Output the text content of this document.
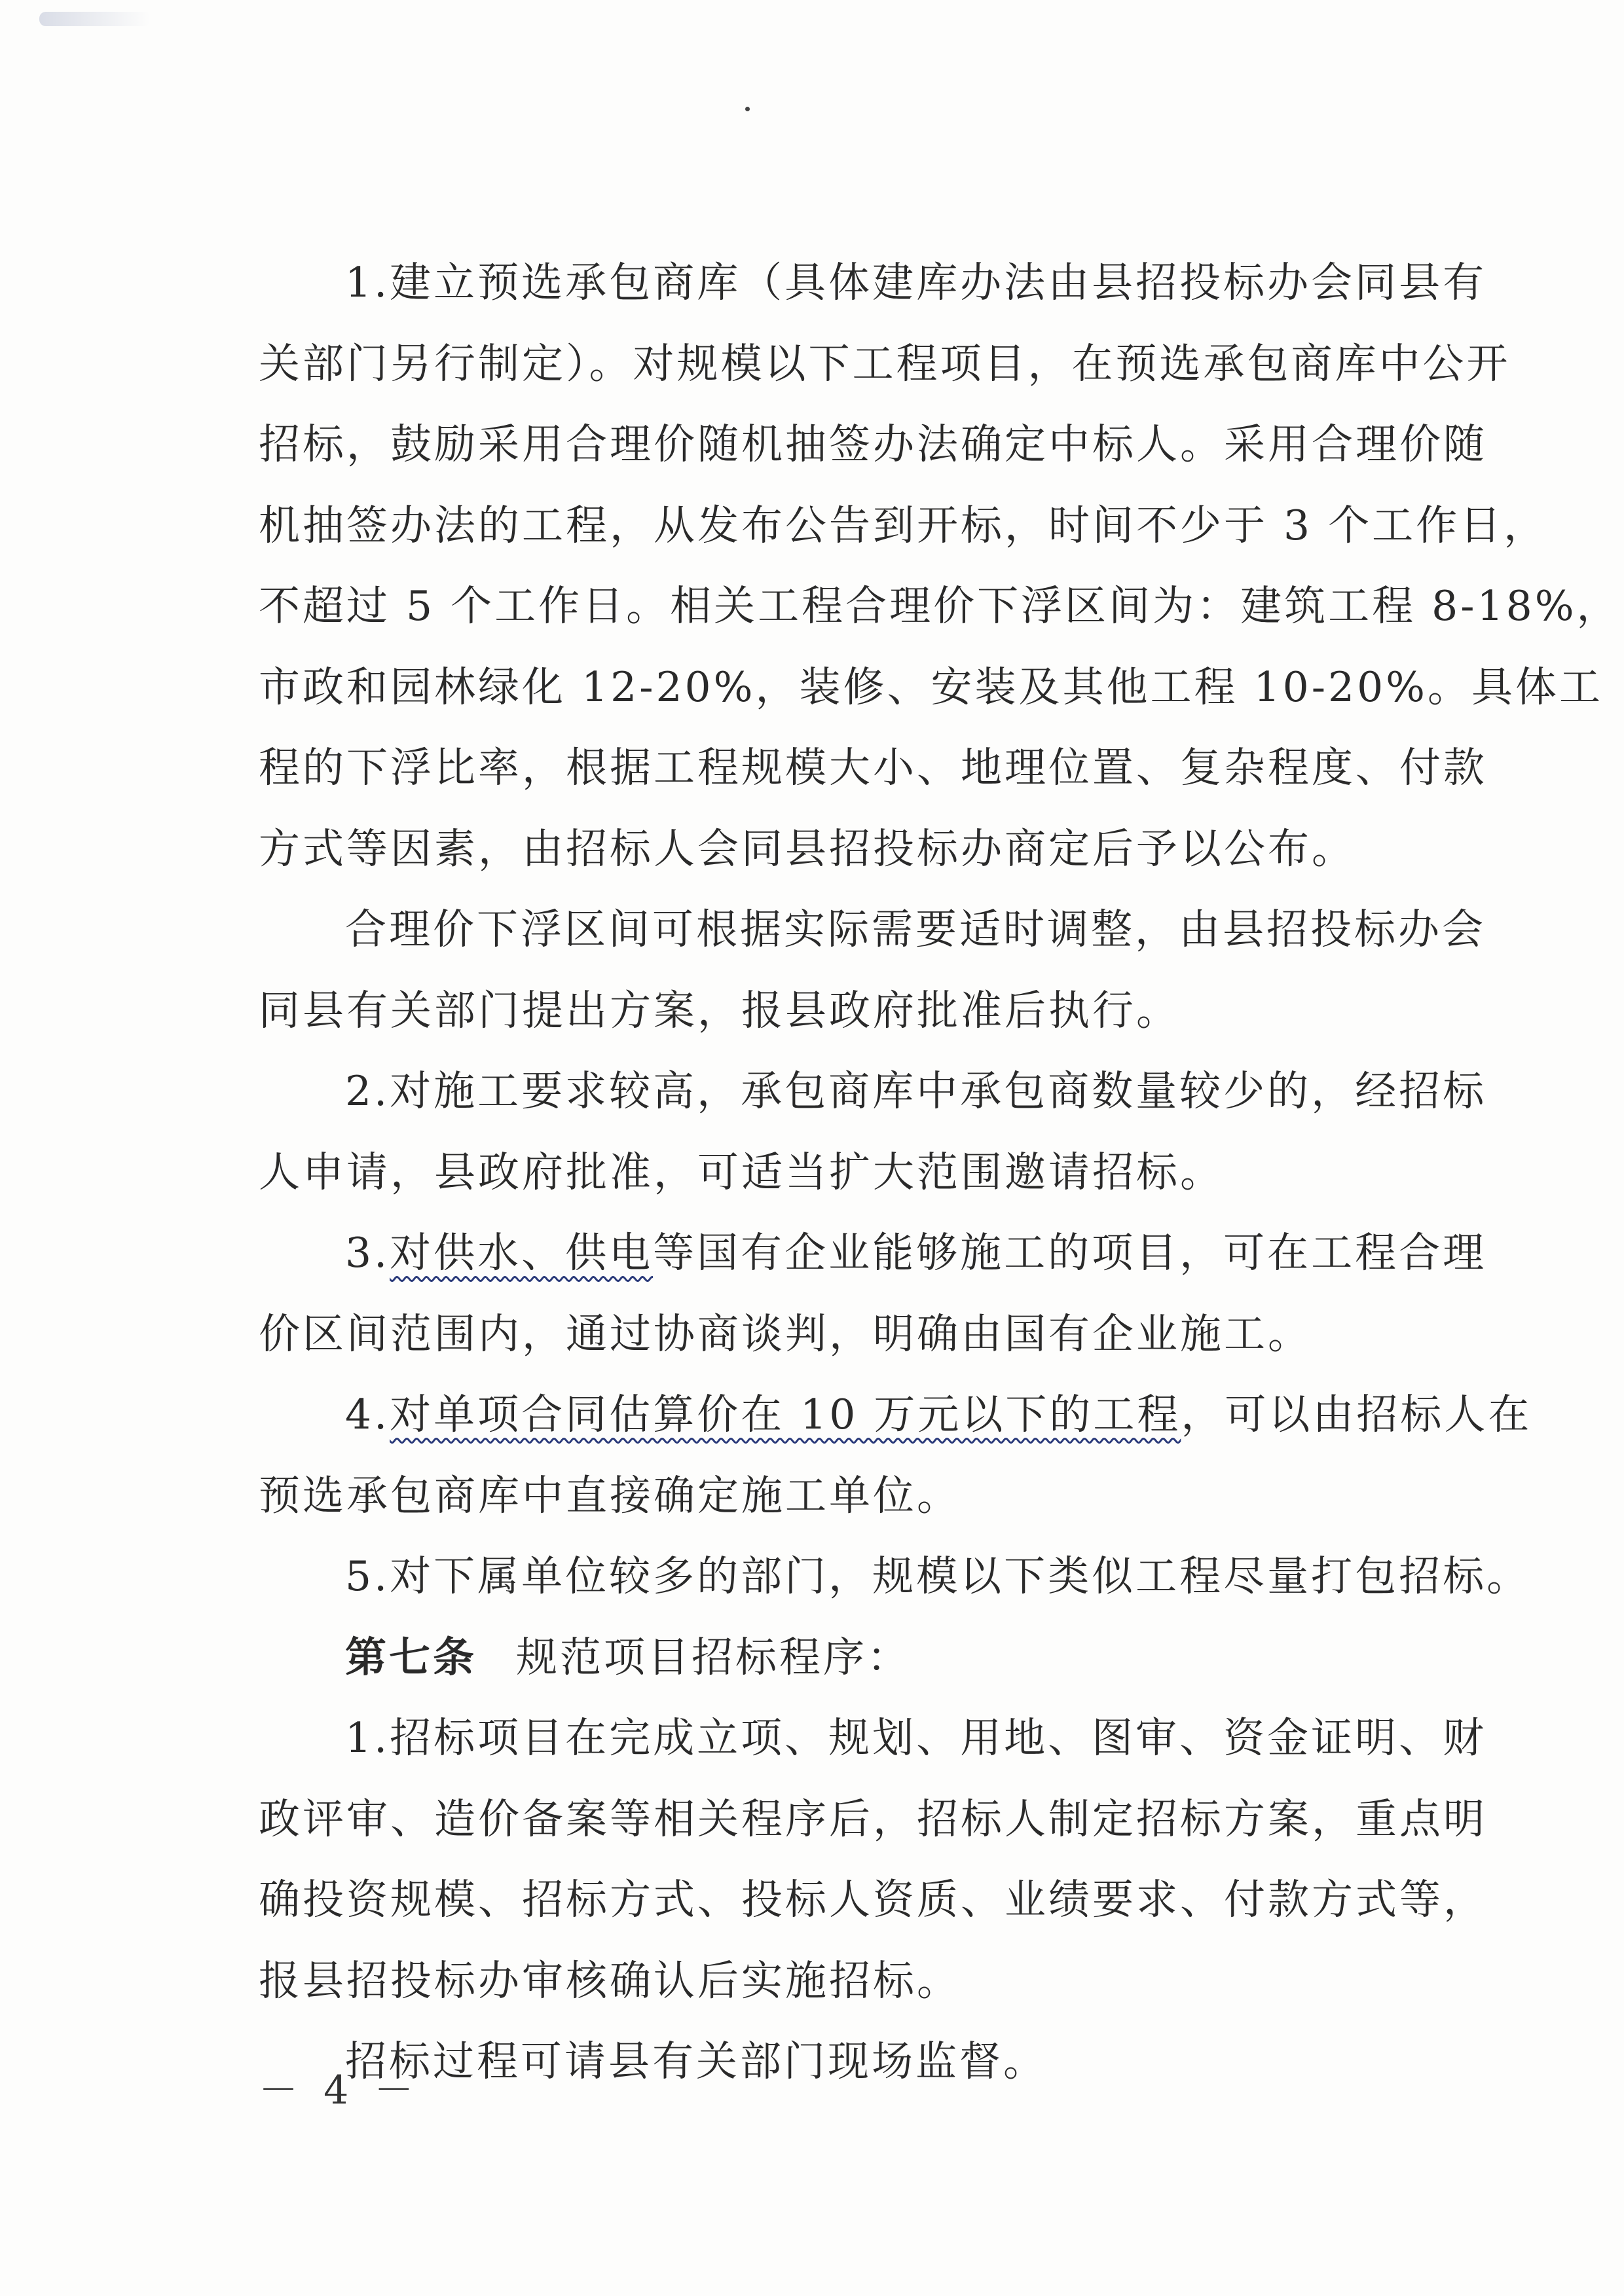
1.建立预选承包商库（具体建库办法由县招投标办会同县有
关部门另行制定）。对规模以下工程项目，在预选承包商库中公开
招标，鼓励采用合理价随机抽签办法确定中标人。采用合理价随
机抽签办法的工程，从发布公告到开标，时间不少于 3 个工作日，
不超过 5 个工作日。相关工程合理价下浮区间为：建筑工程 8-18%，
市政和园林绿化 12-20%，装修、安装及其他工程 10-20%。具体工
程的下浮比率，根据工程规模大小、地理位置、复杂程度、付款
方式等因素，由招标人会同县招投标办商定后予以公布。
合理价下浮区间可根据实际需要适时调整，由县招投标办会
同县有关部门提出方案，报县政府批准后执行。
2.对施工要求较高，承包商库中承包商数量较少的，经招标
人申请，县政府批准，可适当扩大范围邀请招标。
3.对供水、供电等国有企业能够施工的项目，可在工程合理
价区间范围内，通过协商谈判，明确由国有企业施工。
4.对单项合同估算价在 10 万元以下的工程，可以由招标人在
预选承包商库中直接确定施工单位。
5.对下属单位较多的部门，规模以下类似工程尽量打包招标。
第七条 规范项目招标程序：
1.招标项目在完成立项、规划、用地、图审、资金证明、财
政评审、造价备案等相关程序后，招标人制定招标方案，重点明
确投资规模、招标方式、投标人资质、业绩要求、付款方式等，
报县招投标办审核确认后实施招标。
招标过程可请县有关部门现场监督。
－ 4 －
